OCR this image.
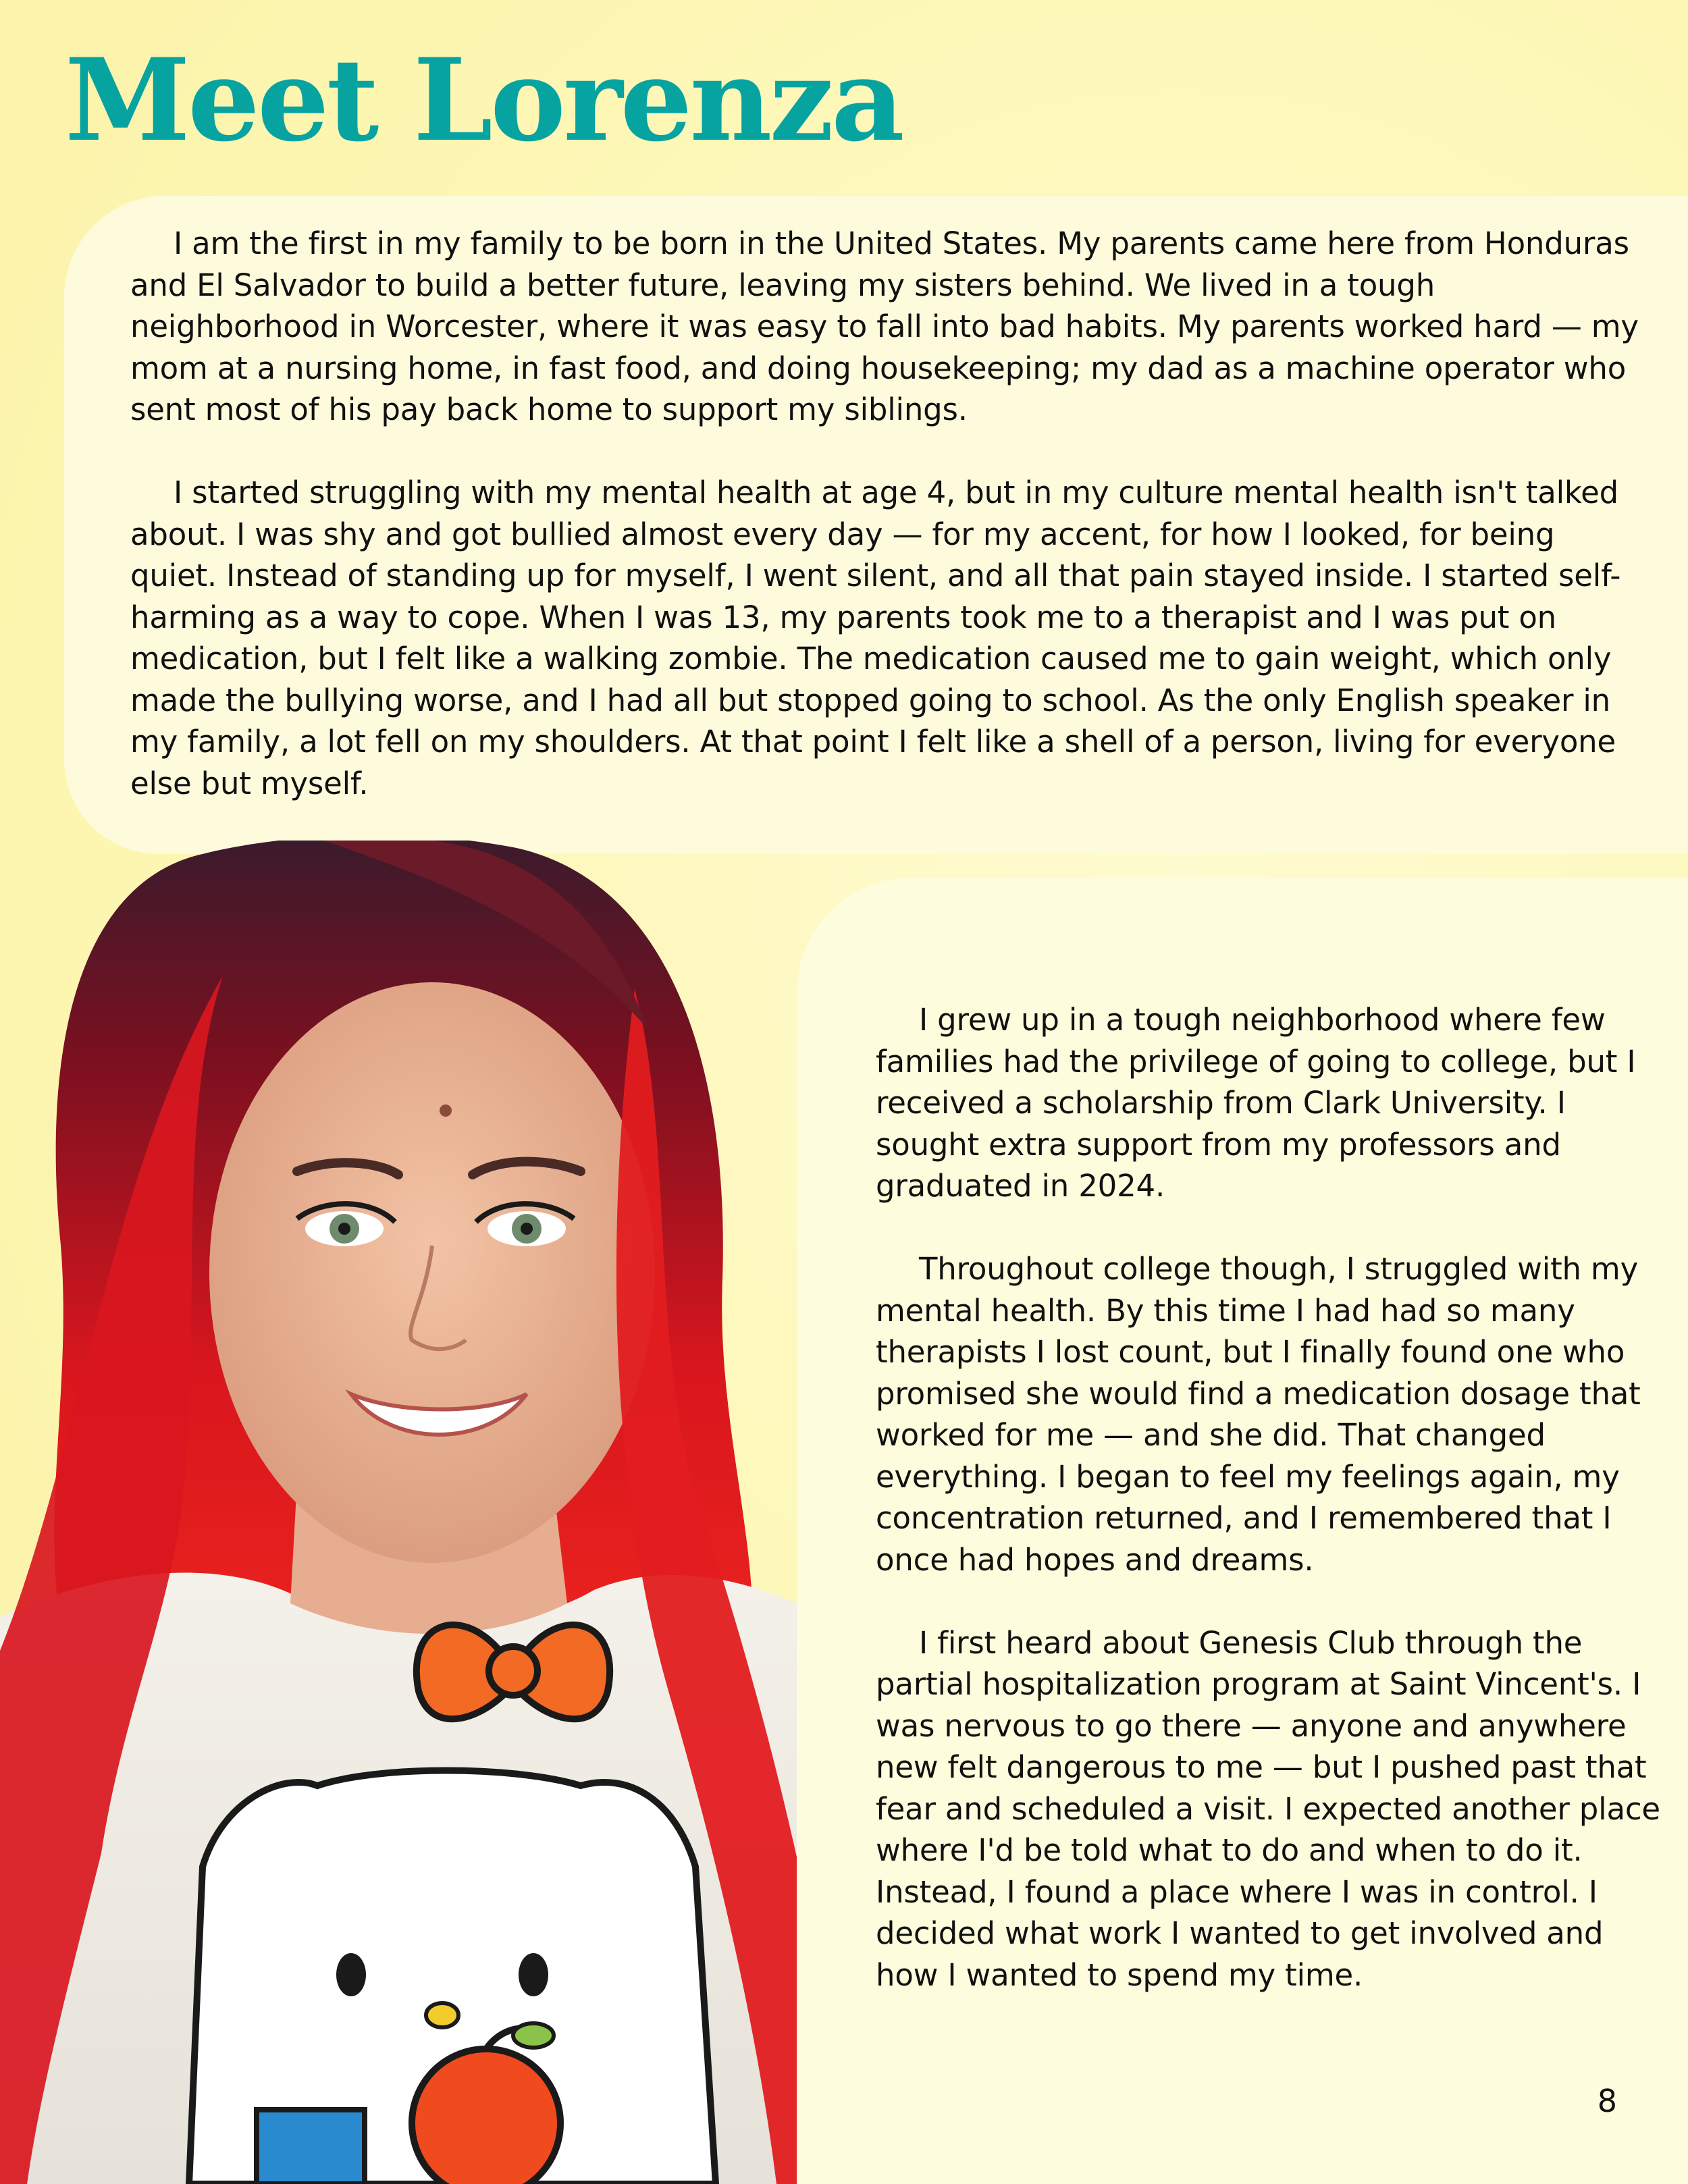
Meet Lorenza

I am the first in my family to be born in the United States. My parents came here from Honduras and El Salvador to build a better future, leaving my sisters behind. We lived in a tough neighborhood in Worcester, where it was easy to fall into bad habits. My parents worked hard — my mom at a nursing home, in fast food, and doing housekeeping; my dad as a machine operator who sent most of his pay back home to support my siblings.

I started struggling with my mental health at age 4, but in my culture mental health isn't talked about. I was shy and got bullied almost every day — for my accent, for how I looked, for being quiet. Instead of standing up for myself, I went silent, and all that pain stayed inside. I started self-harming as a way to cope. When I was 13, my parents took me to a therapist and I was put on medication, but I felt like a walking zombie. The medication caused me to gain weight, which only made the bullying worse, and I had all but stopped going to school. As the only English speaker in my family, a lot fell on my shoulders. At that point I felt like a shell of a person, living for everyone else but myself.

I grew up in a tough neighborhood where few families had the privilege of going to college, but I received a scholarship from Clark University. I sought extra support from my professors and graduated in 2024.

Throughout college though, I struggled with my mental health. By this time I had had so many therapists I lost count, but I finally found one who promised she would find a medication dosage that worked for me — and she did. That changed everything. I began to feel my feelings again, my concentration returned, and I remembered that I once had hopes and dreams.

I first heard about Genesis Club through the partial hospitalization program at Saint Vincent's. I was nervous to go there — anyone and anywhere new felt dangerous to me — but I pushed past that fear and scheduled a visit. I expected another place where I'd be told what to do and when to do it. Instead, I found a place where I was in control. I decided what work I wanted to get involved and how I wanted to spend my time.

8
